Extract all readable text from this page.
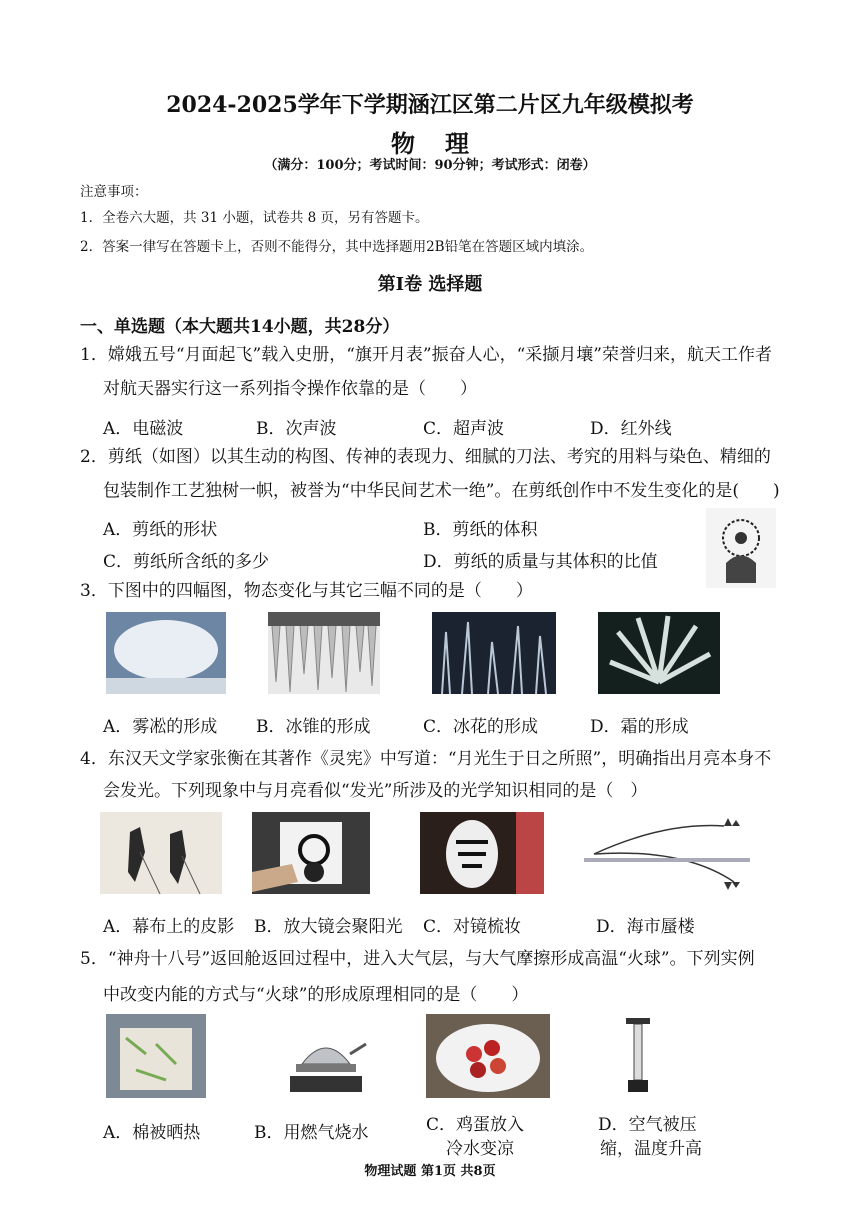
2024-2025学年下学期涵江区第二片区九年级模拟考
物理
（满分：100分；考试时间：90分钟；考试形式：闭卷）
注意事项：
1．全卷六大题，共 31 小题，试卷共 8 页，另有答题卡。
2．答案一律写在答题卡上，否则不能得分，其中选择题用2B铅笔在答题区域内填涂。
第Ⅰ卷 选择题
一、单选题（本大题共14小题，共28分）
1．嫦娥五号“月面起飞”载入史册，“旗开月表”振奋人心，“采撷月壤”荣誉归来，航天工作者
对航天器实行这一系列指令操作依靠的是（　　）
A．电磁波	B．次声波	C．超声波	D．红外线
2．剪纸（如图）以其生动的构图、传神的表现力、细腻的刀法、考究的用料与染色、精细的
包装制作工艺独树一帜，被誉为“中华民间艺术一绝”。在剪纸创作中不发生变化的是(　　)
A．剪纸的形状	B．剪纸的体积
C．剪纸所含纸的多少	D．剪纸的质量与其体积的比值
3．下图中的四幅图，物态变化与其它三幅不同的是（　　）
A．雾凇的形成 B．冰锥的形成	C．冰花的形成	D．霜的形成
4．东汉天文学家张衡在其著作《灵宪》中写道：“月光生于日之所照”，明确指出月亮本身不
会发光。下列现象中与月亮看似“发光”所涉及的光学知识相同的是（　）
A．幕布上的皮影 B．放大镜会聚阳光 C．对镜梳妆	D．海市蜃楼
5．“神舟十八号”返回舱返回过程中，进入大气层，与大气摩擦形成高温“火球”。下列实例
中改变内能的方式与“火球”的形成原理相同的是（　　）
A．棉被晒热	B．用燃气烧水	C．鸡蛋放入
冷水变凉
D．空气被压
缩，温度升高
物理试题 第1页 共8页
